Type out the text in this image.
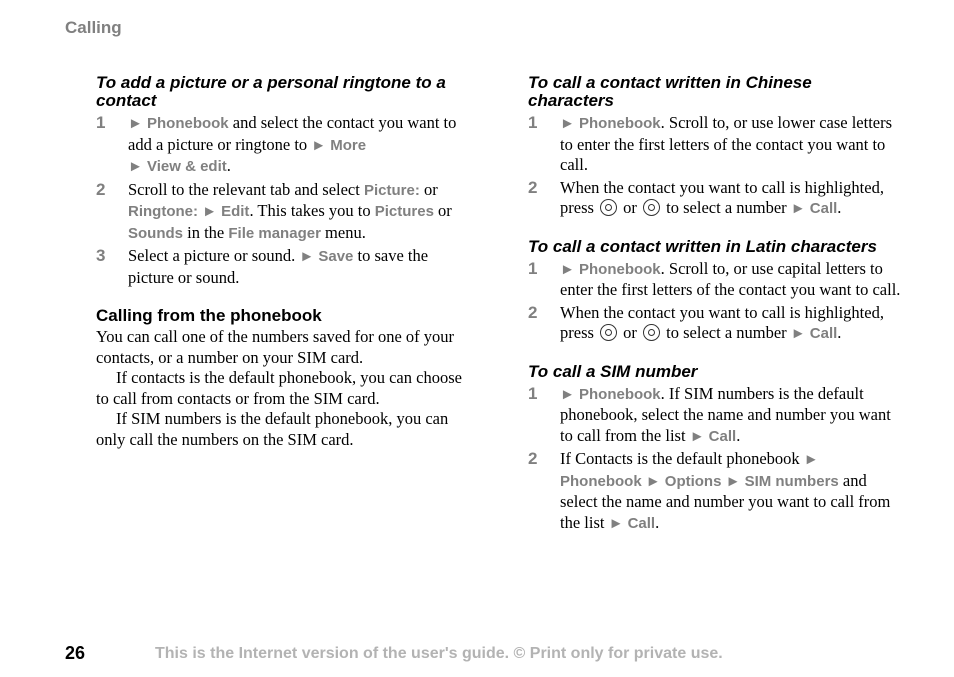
Calling
To add a picture or a personal ringtone to a contact
1	► Phonebook and select the contact you want to add a picture or ringtone to ► More
► View & edit.
2	Scroll to the relevant tab and select Picture: or Ringtone: ► Edit. This takes you to Pictures or Sounds in the File manager menu.
3	Select a picture or sound. ► Save to save the picture or sound.
Calling from the phonebook

You can call one of the numbers saved for one of your contacts, or a number on your SIM card.

If contacts is the default phonebook, you can choose to call from contacts or from the SIM card.

If SIM numbers is the default phonebook, you can only call the numbers on the SIM card.

To call a contact written in Chinese characters
1	► Phonebook. Scroll to, or use lower case letters to enter the first letters of the contact you want to call.
2	When the contact you want to call is highlighted, press  or  to select a number ► Call.
To call a contact written in Latin characters
1	► Phonebook. Scroll to, or use capital letters to enter the first letters of the contact you want to call.
2	When the contact you want to call is highlighted, press  or  to select a number ► Call.
To call a SIM number
1	► Phonebook. If SIM numbers is the default phonebook, select the name and number you want to call from the list ► Call.
2	If Contacts is the default phonebook ► Phonebook ► Options ► SIM numbers and select the name and number you want to call from the list ► Call.
26	This is the Internet version of the user's guide. © Print only for private use.
